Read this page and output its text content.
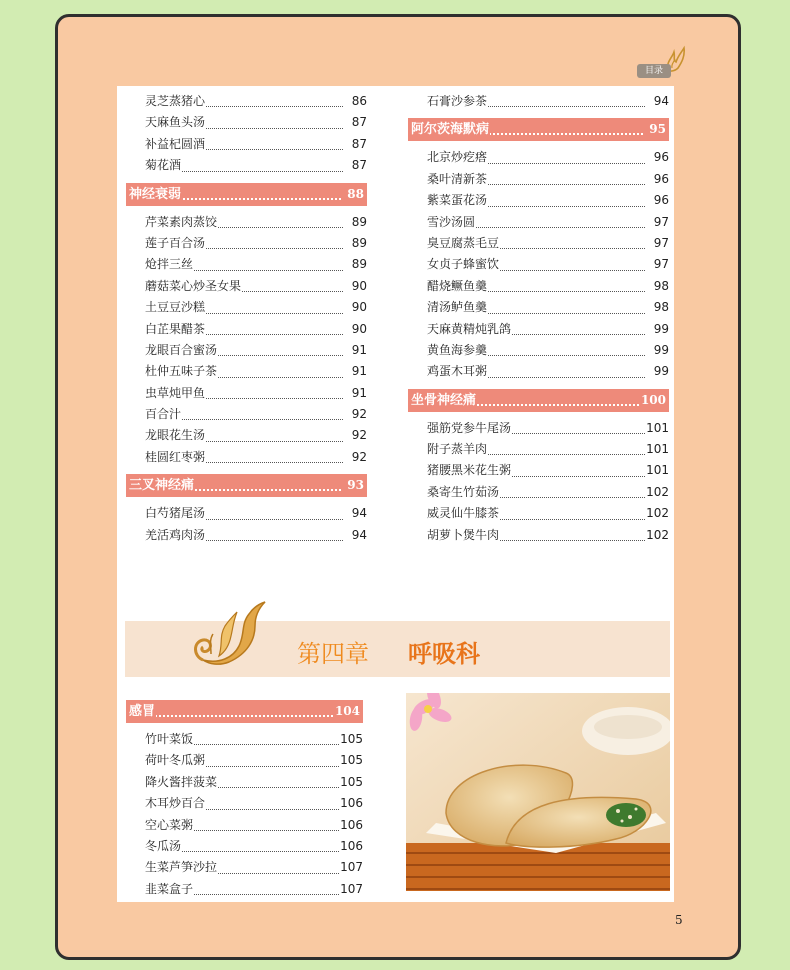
目录
灵芝蒸猪心	86
天麻鱼头汤	87
补益杞圆酒	87
菊花酒	87
神经衰弱	88
芹菜素肉蒸饺	89
莲子百合汤	89
炝拌三丝	89
蘑菇菜心炒圣女果	90
土豆豆沙糕	90
白芷果醋茶	90
龙眼百合蜜汤	91
杜仲五味子茶	91
虫草炖甲鱼	91
百合汁	92
龙眼花生汤	92
桂圆红枣粥	92
三叉神经痛	93
白芍猪尾汤	94
羌活鸡肉汤	94
石膏沙参茶	94
阿尔茨海默病	95
北京炒疙瘩	96
桑叶清新茶	96
紫菜蛋花汤	96
雪沙汤圆	97
臭豆腐蒸毛豆	97
女贞子蜂蜜饮	97
醋烧鳜鱼羹	98
清汤鲈鱼羹	98
天麻黄精炖乳鸽	99
黄鱼海参羹	99
鸡蛋木耳粥	99
坐骨神经痛	100
强筋党参牛尾汤	101
附子蒸羊肉	101
猪腰黑米花生粥	101
桑寄生竹茹汤	102
威灵仙牛膝茶	102
胡萝卜煲牛肉	102
第四章 呼吸科
感冒	104
竹叶菜饭	105
荷叶冬瓜粥	105
降火酱拌菠菜	105
木耳炒百合	106
空心菜粥	106
冬瓜汤	106
生菜芦笋沙拉	107
韭菜盒子	107
5
